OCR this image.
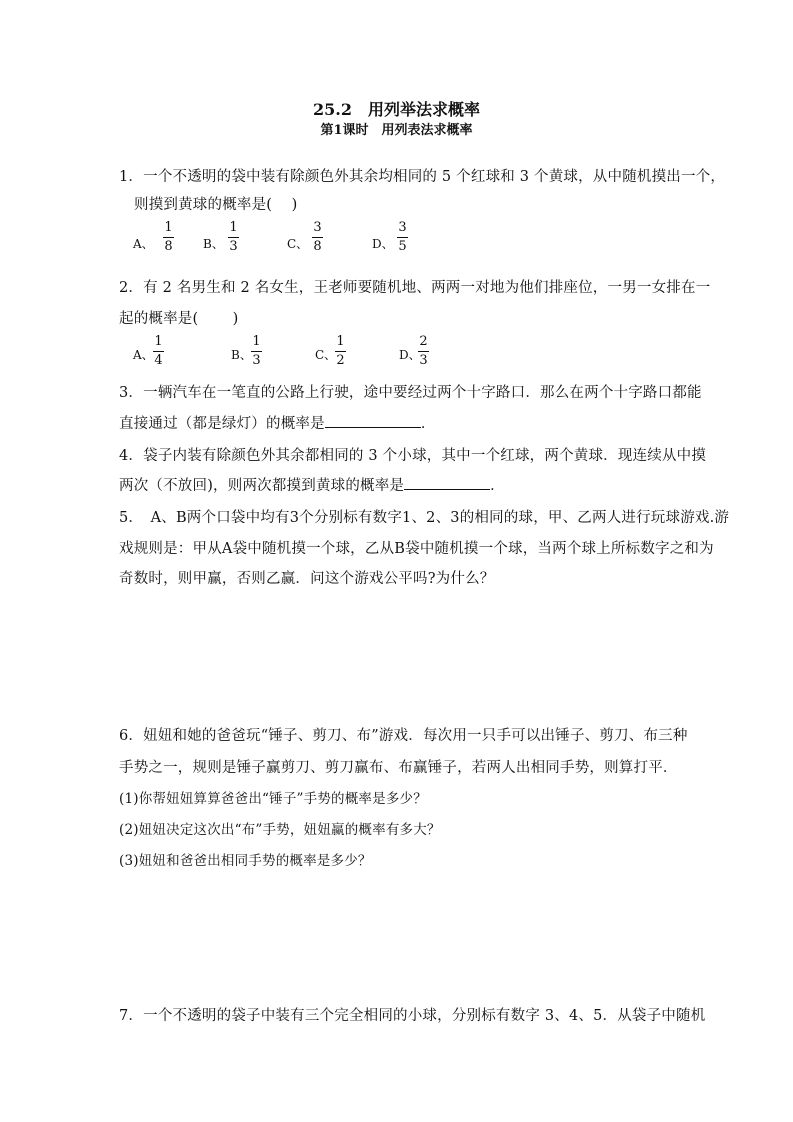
25.2　用列举法求概率
第1课时　用列表法求概率
1．一个不透明的袋中装有除颜色外其余均相同的 5 个红球和 3 个黄球，从中随机摸出一个，
则摸到黄球的概率是(　 )
A、
1
8	B、
1
3	C、
3
8	D、
3
5
2．有 2 名男生和 2 名女生，王老师要随机地、两两一对地为他们排座位，一男一女排在一
起的概率是(　 　)
A、
1
4	B、
1
3	C、
1
2	D、
2
3
3．一辆汽车在一笔直的公路上行驶，途中要经过两个十字路口．那么在两个十字路口都能
直接通过（都是绿灯）的概率是	．
4．袋子内装有除颜色外其余都相同的 3 个小球，其中一个红球，两个黄球．现连续从中摸
两次（不放回)，则两次都摸到黄球的概率是	．
5．　A、B两个口袋中均有3个分别标有数字1、2、3的相同的球，甲、乙两人进行玩球游戏.游
戏规则是：甲从A袋中随机摸一个球，乙从B袋中随机摸一个球，当两个球上所标数字之和为
奇数时，则甲赢，否则乙赢．问这个游戏公平吗?为什么？
6．妞妞和她的爸爸玩“锤子、剪刀、布”游戏．每次用一只手可以出锤子、剪刀、布三种
手势之一，规则是锤子赢剪刀、剪刀赢布、布赢锤子，若两人出相同手势，则算打平．
(1)你帮妞妞算算爸爸出“锤子”手势的概率是多少？
(2)妞妞决定这次出“布”手势，妞妞赢的概率有多大？
(3)妞妞和爸爸出相同手势的概率是多少？
7．一个不透明的袋子中装有三个完全相同的小球，分别标有数字 3、4、5．从袋子中随机
